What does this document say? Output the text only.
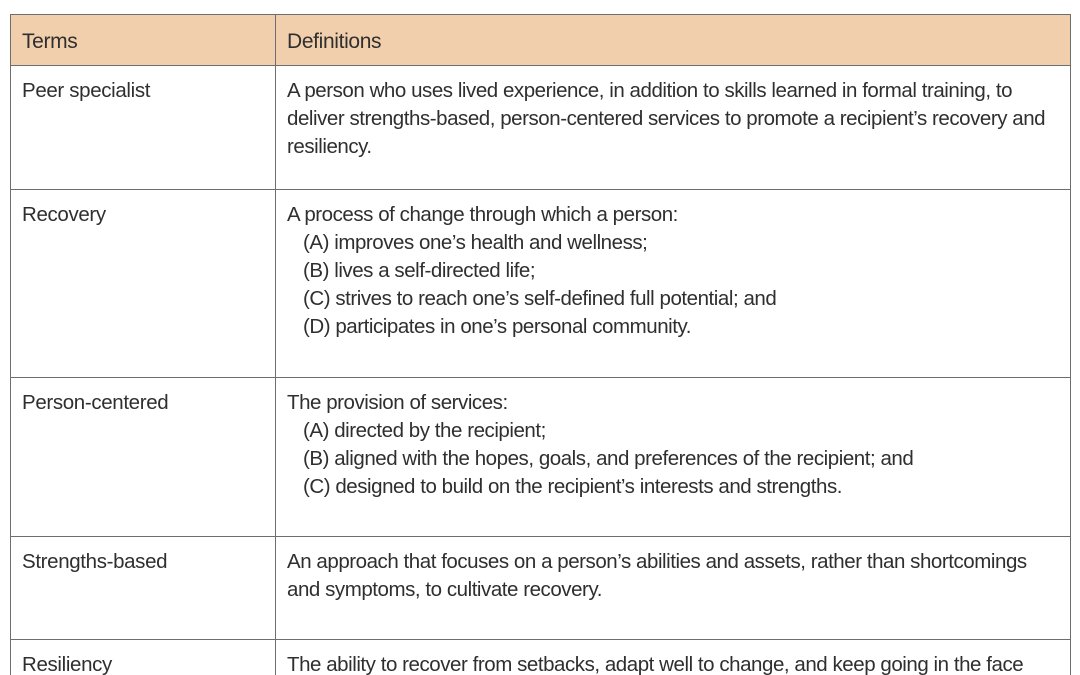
Terms	Definitions
Peer specialist	A person who uses lived experience, in addition to skills learned in formal training, to deliver strengths-based, person-centered services to promote a recipient’s recovery and resiliency.

Recovery	A process of change through which a person:
(A) improves one’s health and wellness;
(B) lives a self-directed life;
(C) strives to reach one’s self-defined full potential; and
(D) participates in one’s personal community.

Person-centered	The provision of services:
(A) directed by the recipient;
(B) aligned with the hopes, goals, and preferences of the recipient; and
(C) designed to build on the recipient’s interests and strengths.

Strengths-based	An approach that focuses on a person’s abilities and assets, rather than shortcomings and symptoms, to cultivate recovery.

Resiliency	The ability to recover from setbacks, adapt well to change, and keep going in the face
